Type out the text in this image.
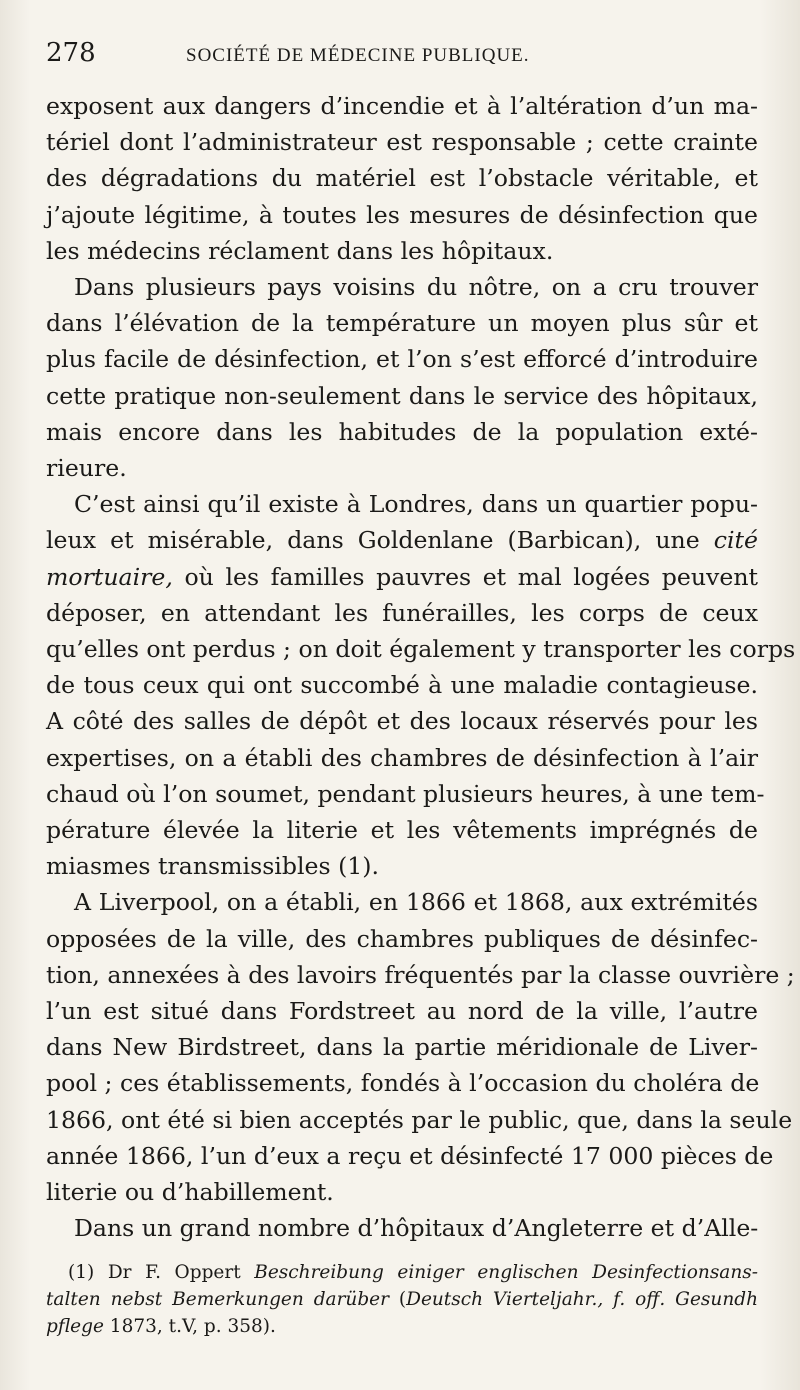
278	SOCIÉTÉ DE MÉDECINE PUBLIQUE.

exposent aux dangers d’incendie et à l’altération d’un ma-
tériel dont l’administrateur est responsable ; cette crainte
des dégradations du matériel est l’obstacle véritable, et
j’ajoute légitime, à toutes les mesures de désinfection que
les médecins réclament dans les hôpitaux.

Dans plusieurs pays voisins du nôtre, on a cru trouver
dans l’élévation de la température un moyen plus sûr et
plus facile de désinfection, et l’on s’est efforcé d’introduire
cette pratique non-seulement dans le service des hôpitaux,
mais encore dans les habitudes de la population exté-
rieure.

C’est ainsi qu’il existe à Londres, dans un quartier popu-
leux et misérable, dans Goldenlane (Barbican), une cité
mortuaire, où les familles pauvres et mal logées peuvent
déposer, en attendant les funérailles, les corps de ceux
qu’elles ont perdus ; on doit également y transporter les corps
de tous ceux qui ont succombé à une maladie contagieuse.
A côté des salles de dépôt et des locaux réservés pour les
expertises, on a établi des chambres de désinfection à l’air
chaud où l’on soumet, pendant plusieurs heures, à une tem-
pérature élevée la literie et les vêtements imprégnés de
miasmes transmissibles (1).

A Liverpool, on a établi, en 1866 et 1868, aux extrémités
opposées de la ville, des chambres publiques de désinfec-
tion, annexées à des lavoirs fréquentés par la classe ouvrière ;
l’un est situé dans Fordstreet au nord de la ville, l’autre
dans New Birdstreet, dans la partie méridionale de Liver-
pool ; ces établissements, fondés à l’occasion du choléra de
1866, ont été si bien acceptés par le public, que, dans la seule
année 1866, l’un d’eux a reçu et désinfecté 17 000 pièces de
literie ou d’habillement.

Dans un grand nombre d’hôpitaux d’Angleterre et d’Alle-

(1) Dr F. Oppert Beschreibung einiger englischen Desinfectionsans-
talten nebst Bemerkungen darüber (Deutsch Vierteljahr., f. off. Gesundh
pflege 1873, t.V, p. 358).
